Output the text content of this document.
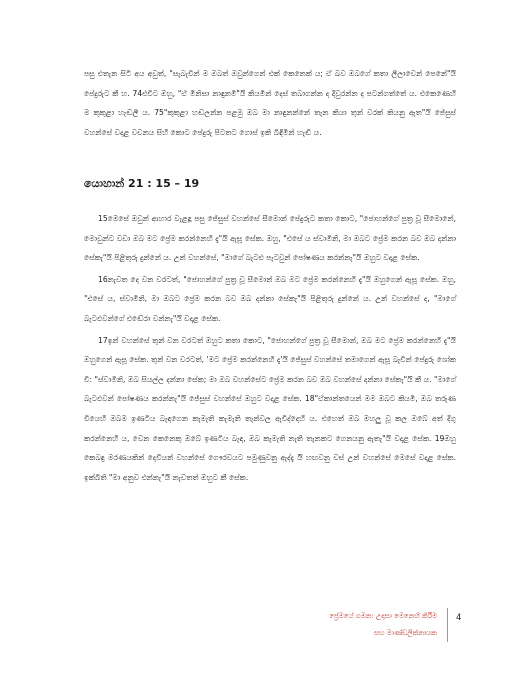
පසු එතැන සිටි අය අවුත්, "සැබැවින් ම ඔබත් ඔවුන්ගෙන් එක් කෙනෙක් ය; ඒ බව ඔබගේ කතා ලීලාවෙන් පෙනේ"යි පේදුරුට කී හ. 74එවිට ඔහු, "ඒ මිනිසා නාඳුනමි"යි කියමින් දෙස් තබාගන්න ද දිවුරන්න ද පටන්ගත්තේ ය. එකෙණෙහි ම කුකුළා හැඬලී ය. 75"කුකුළා හඬලන්න පළමු ඔබ මා නාඳුනන්නේ තැන කියා තුන් වරක් කියනු ඇත"යි ජේසුස් වහන්සේ වදාළ වචනය සිහි කොට පේදුරු පිටතට ගොස් ඉකි බිඳිමින් හැඬී ය.
යොහාන් 21 : 15 – 19

15මෙසේ ඔවුන් ආහාර වැළඳූ පසු ජේසුස් වහන්සේ සීමොන් පේදුරුට කතා කොට, "ජොහන්ගේ පුත්‍ර වූ සීමොනේ, මොවුන්ට වඩා ඔබ මට ප්‍රේම කරන්නෙහි දැ"යි ඇසූ සේක. ඔහු, "එසේ ය ස්වාමිනි, මා ඔබට ප්‍රේම කරන බව ඔබ දන්නා සේකැ"යි පිළිතුරු දුන්නේ ය. උන් වහන්සේ, "මාගේ බැටළු පැටවුන් පෝෂණය කරන්නැ"යි ඔහුට වදාළ සේක.

16නැවත දෙ වන වරටත්, "ජොහන්ගේ පුත්‍ර වූ සීමොන් ඔබ මට ප්‍රේම කරන්නෙහි දැ"යි ඔහුගෙන් ඇසූ සේක. ඔහු, "එසේ ය, ස්වාමිනි, මා ඔබට ප්‍රේම කරන බව ඔබ දන්නා සේකැ"යි පිළිතුරු දුන්නේ ය. උන් වහන්සේ ද, "මාගේ බැටළුවන්ගේ එඬේරා වන්නැ"යි වදාළ සේක.

17ඉන් වහන්සේ තුන් වන වරටත් ඔහුට කතා කොට, "ජොහන්ගේ පුත්‍ර වූ සීමොන්, ඔබ මට ප්‍රේම කරන්නෙහි දැ"යි ඔහුගෙන් ඇසූ සේක. තුන් වන වරටත්, 'මට ප්‍රේම කරන්නෙහි දැ'යි ජේසුස් වහන්සේ තමාගෙන් ඇසූ බැවින් පේදුරු ශෝක වී: "ස්වාමිනි, ඔබ සියල්ල දන්නා සේක; මා ඔබ වහන්සේට ප්‍රේම කරන බව ඔබ වහන්සේ දන්නා සේකැ"යි කී ය. "මාගේ බැටළුවන් පෝෂණය කරන්නැ"යි ජේසුස් වහන්සේ ඔහුට වදාළ සේක. 18"ඒකාන්තයෙන් මම ඔබට කියමි, ඔබ තරුණ වියෙහි ඔබම ඉණටිය බැඳගෙන කැමැති කැමැති තැන්වල ඇවිද්දෙහි ය. එහෙත් ඔබ මහලු වූ කල ඔබේ අත් දිගු කරන්නෙහි ය, වෙන කෙනෙකු ඔබේ ඉණටිය බැඳ, ඔබ කැමැති නැති තැනකට ගෙනයනු ඇතැ"යි වදාළ සේක. 19ඔහු කෙබඳු මරණයකින් දෙවියන් වහන්සේ ගෞරවයට පමුණුවනු ඇද්දැ යි හඟවනු වස් උන් වහන්සේ මෙසේ වදාළ සේක. ඉක්බිති "මා අනුව එන්නැ"යි නැවතත් ඔහුට කී සේක.

ප්‍රේමයේ ගමන: උදාසා මෙනෙහි කිරීම
සහ මාණ්ඩලික්නායක
4
